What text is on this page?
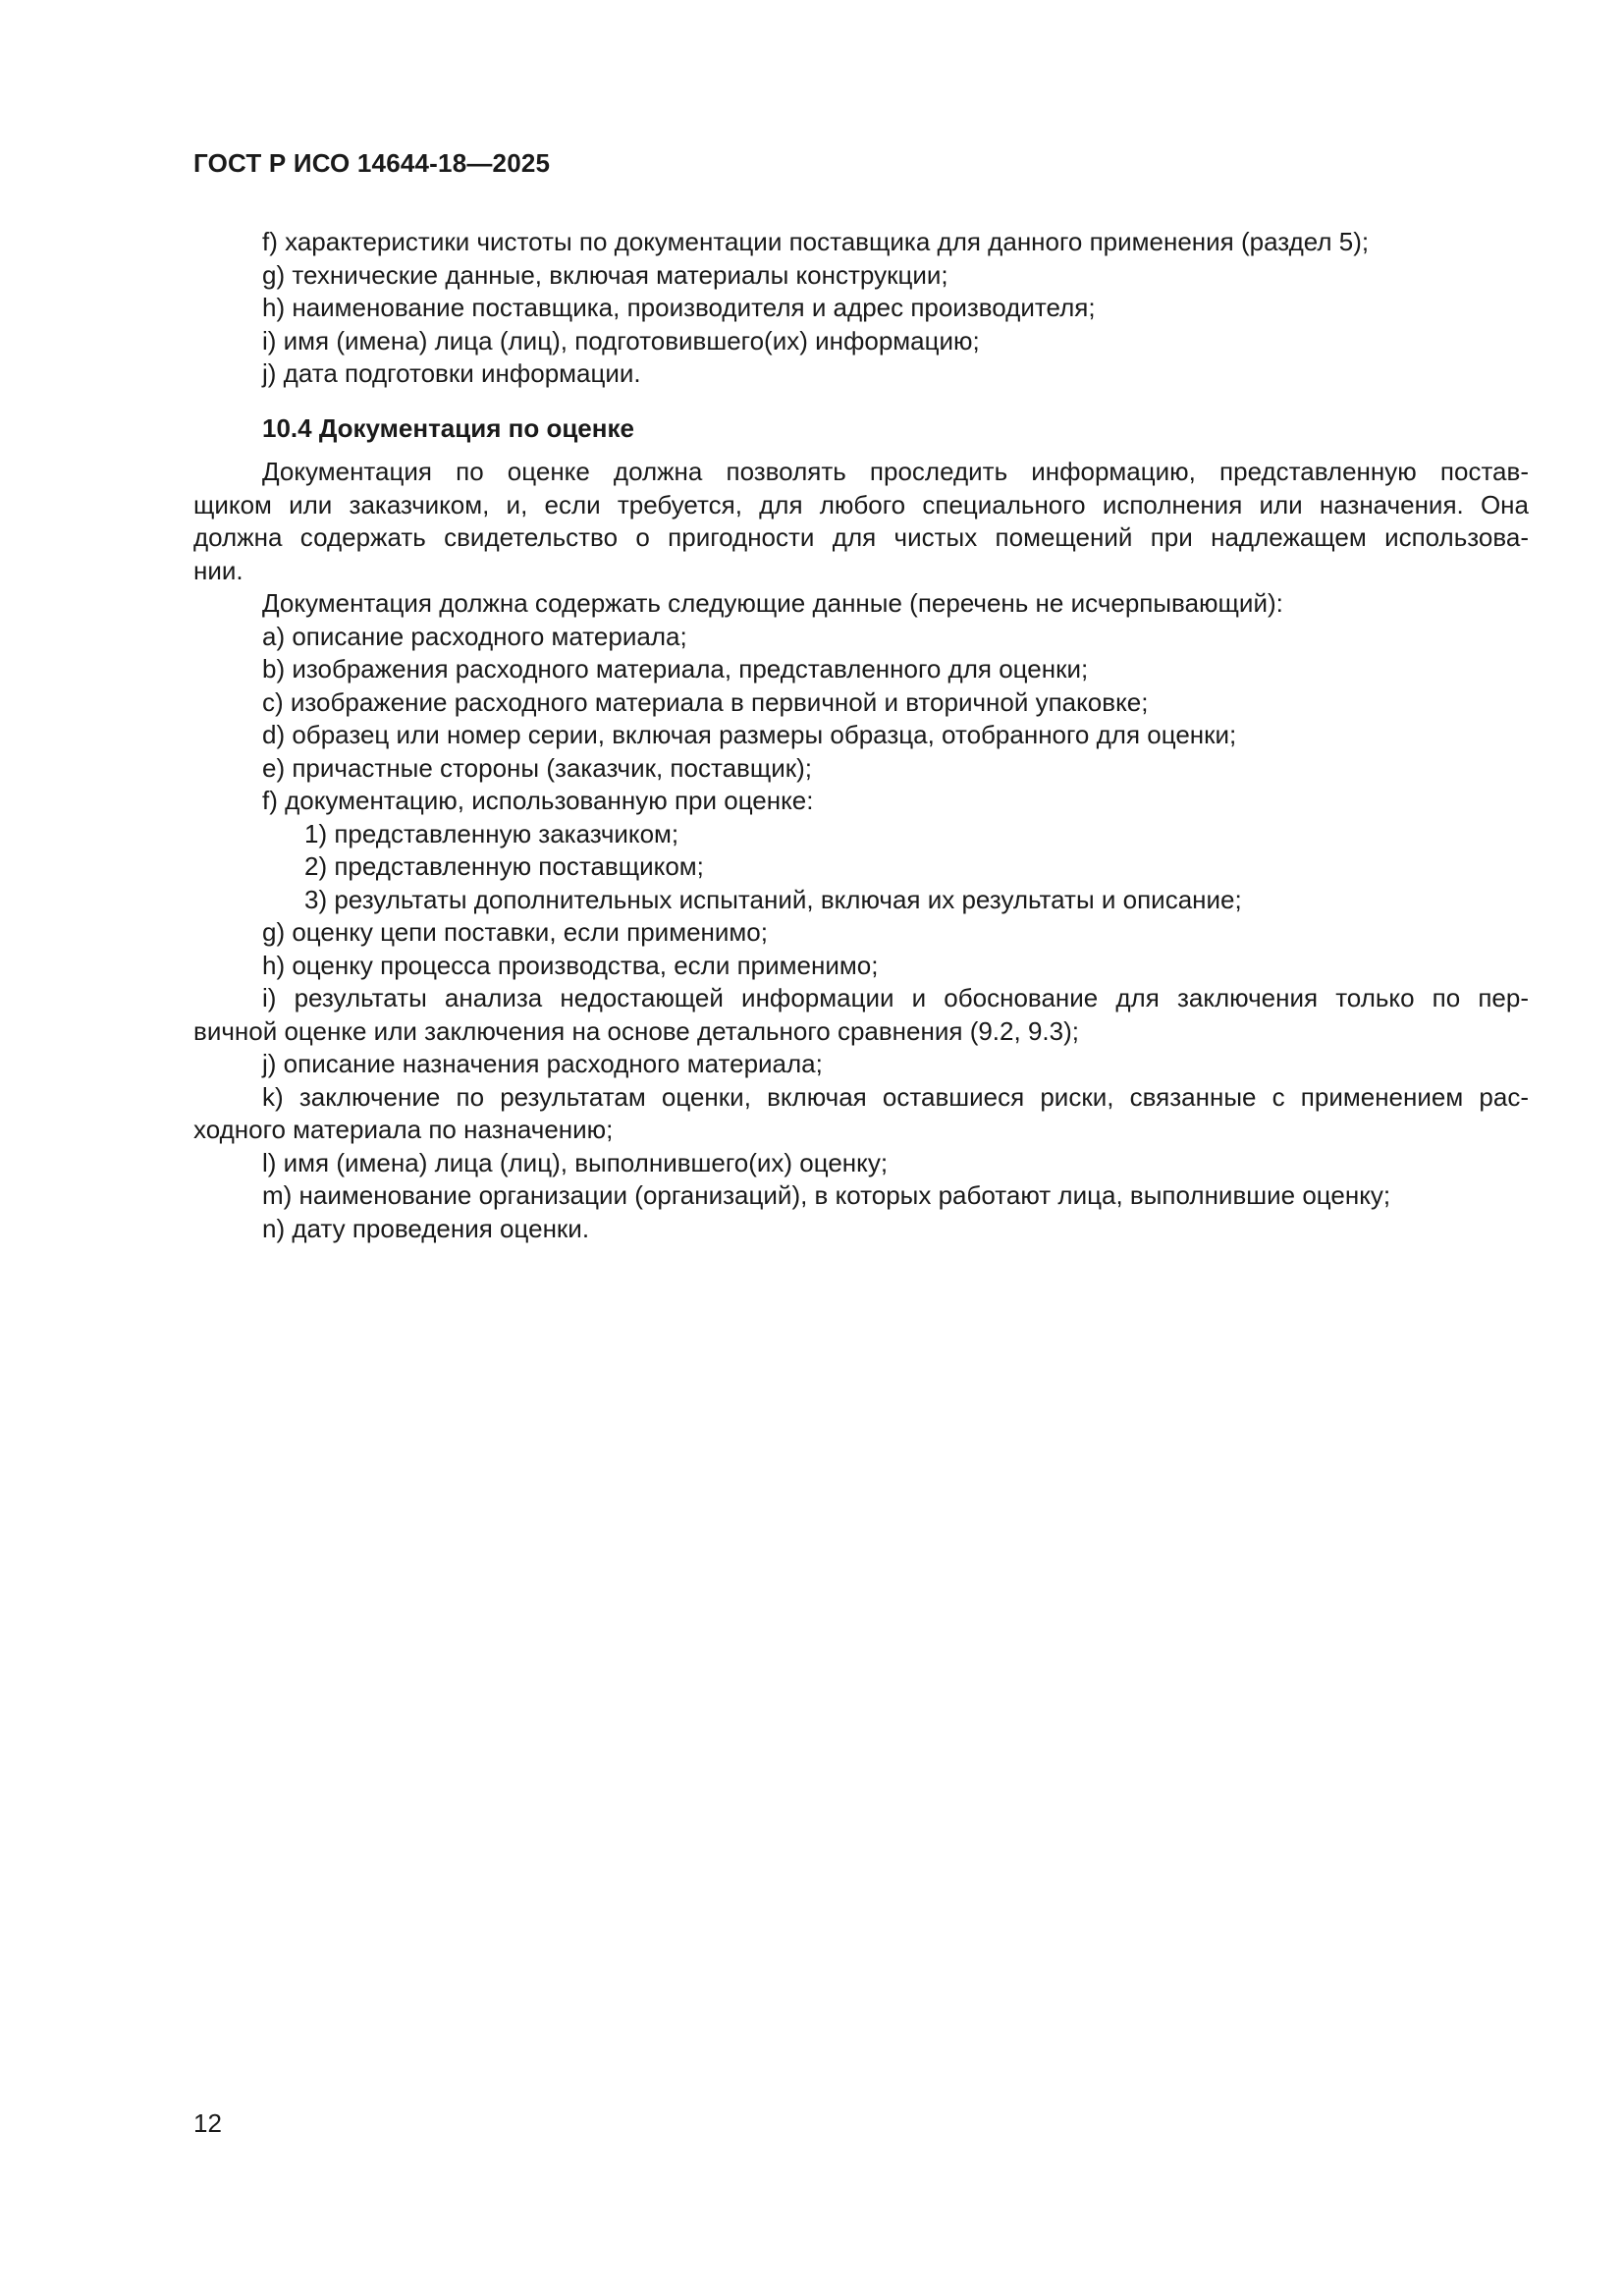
ГОСТ Р ИСО 14644-18—2025
f) характеристики чистоты по документации поставщика для данного применения (раздел 5);
g) технические данные, включая материалы конструкции;
h) наименование поставщика, производителя и адрес производителя;
i) имя (имена) лица (лиц), подготовившего(их) информацию;
j) дата подготовки информации.
10.4 Документация по оценке
Документация по оценке должна позволять проследить информацию, представленную постав-
щиком или заказчиком, и, если требуется, для любого специального исполнения или назначения. Она
должна содержать свидетельство о пригодности для чистых помещений при надлежащем использова-
нии.
Документация должна содержать следующие данные (перечень не исчерпывающий):
a) описание расходного материала;
b) изображения расходного материала, представленного для оценки;
c) изображение расходного материала в первичной и вторичной упаковке;
d) образец или номер серии, включая размеры образца, отобранного для оценки;
e) причастные стороны (заказчик, поставщик);
f) документацию, использованную при оценке:
1) представленную заказчиком;
2) представленную поставщиком;
3) результаты дополнительных испытаний, включая их результаты и описание;
g) оценку цепи поставки, если применимо;
h) оценку процесса производства, если применимо;
i) результаты анализа недостающей информации и обоснование для заключения только по пер-
вичной оценке или заключения на основе детального сравнения (9.2, 9.3);
j) описание назначения расходного материала;
k) заключение по результатам оценки, включая оставшиеся риски, связанные с применением рас-
ходного материала по назначению;
l) имя (имена) лица (лиц), выполнившего(их) оценку;
m) наименование организации (организаций), в которых работают лица, выполнившие оценку;
n) дату проведения оценки.
12
